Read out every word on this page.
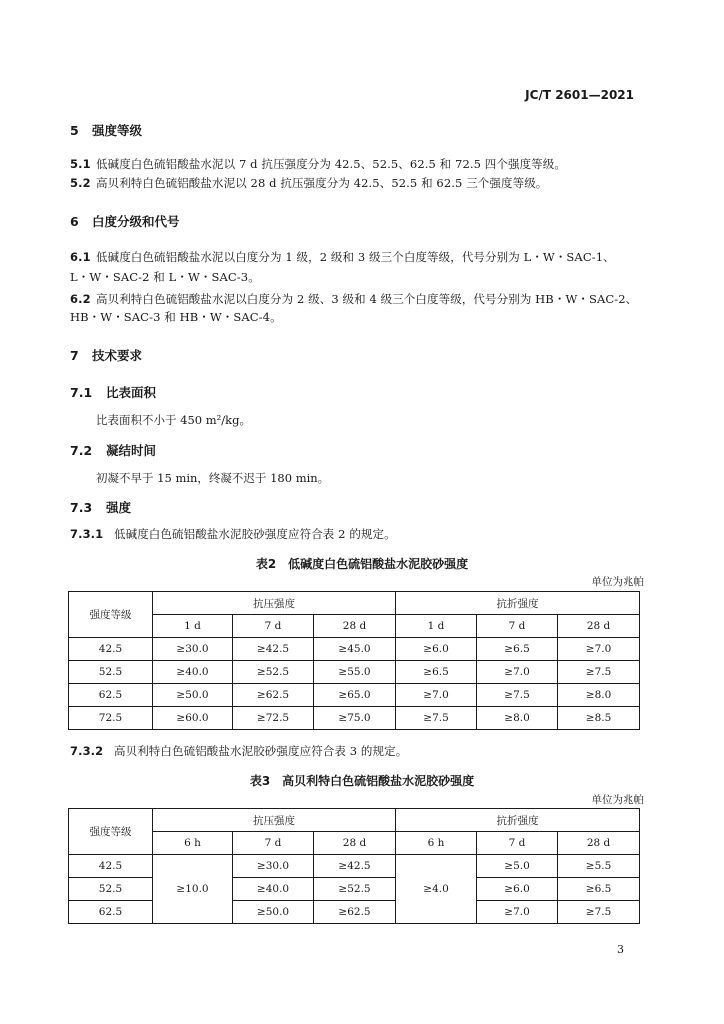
JC/T 2601—2021
5 强度等级
5.1 低碱度白色硫铝酸盐水泥以 7 d 抗压强度分为 42.5、52.5、62.5 和 72.5 四个强度等级。
5.2 高贝利特白色硫铝酸盐水泥以 28 d 抗压强度分为 42.5、52.5 和 62.5 三个强度等级。
6 白度分级和代号
6.1 低碱度白色硫铝酸盐水泥以白度分为 1 级，2 级和 3 级三个白度等级，代号分别为 L・W・SAC-1、
L・W・SAC-2 和 L・W・SAC-3。
6.2 高贝利特白色硫铝酸盐水泥以白度分为 2 级、3 级和 4 级三个白度等级，代号分别为 HB・W・SAC-2、
HB・W・SAC-3 和 HB・W・SAC-4。
7 技术要求
7.1 比表面积
比表面积不小于 450 m²/kg。
7.2 凝结时间
初凝不早于 15 min，终凝不迟于 180 min。
7.3 强度
7.3.1 低碱度白色硫铝酸盐水泥胶砂强度应符合表 2 的规定。
表2　低碱度白色硫铝酸盐水泥胶砂强度
单位为兆帕
强度等级	抗压强度			抗折强度		
	1 d	7 d	28 d	1 d	7 d	28 d
42.5	≥30.0	≥42.5	≥45.0	≥6.0	≥6.5	≥7.0
52.5	≥40.0	≥52.5	≥55.0	≥6.5	≥7.0	≥7.5
62.5	≥50.0	≥62.5	≥65.0	≥7.0	≥7.5	≥8.0
72.5	≥60.0	≥72.5	≥75.0	≥7.5	≥8.0	≥8.5
7.3.2 高贝利特白色硫铝酸盐水泥胶砂强度应符合表 3 的规定。
表3　高贝利特白色硫铝酸盐水泥胶砂强度
单位为兆帕
强度等级	抗压强度			抗折强度		
	6 h	7 d	28 d	6 h	7 d	28 d
42.5	≥10.0	≥30.0	≥42.5	≥4.0	≥5.0	≥5.5
52.5		≥40.0	≥52.5		≥6.0	≥6.5
62.5		≥50.0	≥62.5		≥7.0	≥7.5
3
